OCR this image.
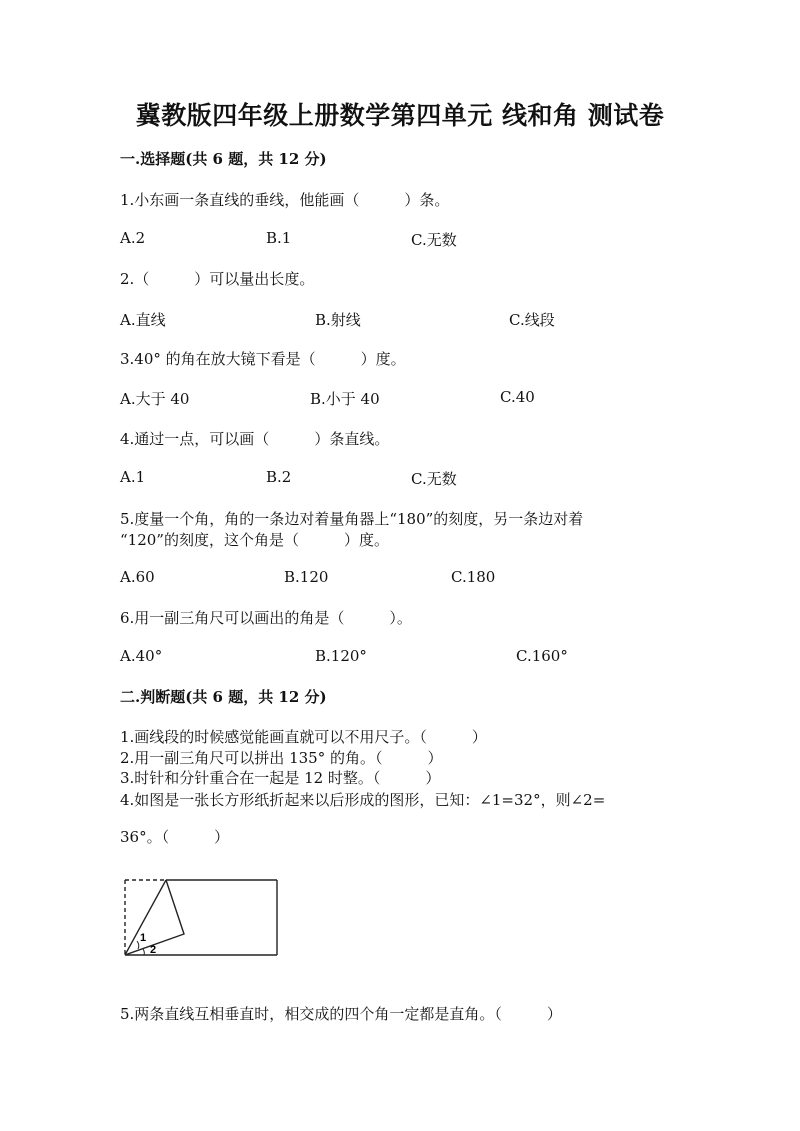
冀教版四年级上册数学第四单元 线和角 测试卷
一.选择题(共 6 题，共 12 分)
1.小东画一条直线的垂线，他能画（　　　）条。
A.2	B.1	C.无数
2.（　　　）可以量出长度。
A.直线	B.射线	C.线段
3.40° 的角在放大镜下看是（　　　）度。
A.大于 40	B.小于 40	C.40
4.通过一点，可以画（　　　）条直线。
A.1	B.2	C.无数
5.度量一个角，角的一条边对着量角器上“180”的刻度，另一条边对着
“120”的刻度，这个角是（　　　）度。
A.60	B.120	C.180
6.用一副三角尺可以画出的角是（　　　）。
A.40°	B.120°	C.160°
二.判断题(共 6 题，共 12 分)
1.画线段的时候感觉能画直就可以不用尺子。（　　　）
2.用一副三角尺可以拼出 135° 的角。（　　　）
3.时针和分针重合在一起是 12 时整。（　　　）
4.如图是一张长方形纸折起来以后形成的图形，已知：∠1=32°，则∠2=
36°。（　　　）
1
2
5.两条直线互相垂直时，相交成的四个角一定都是直角。（　　　）
